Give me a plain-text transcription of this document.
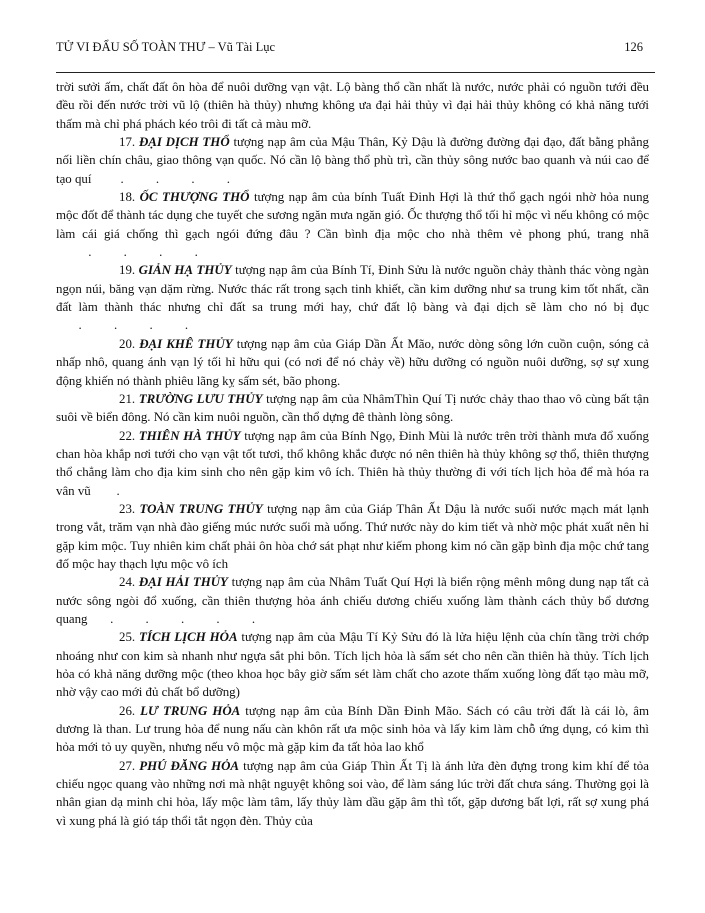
TỬ VI ĐẨU SỐ TOÀN THƯ – Vũ Tài Lục	126

trời sưởi ấm, chất đất ôn hòa để nuôi dưỡng vạn vật. Lộ bàng thổ cần nhất là nước, nước phải có nguồn tưới đều đều rồi đến nước trời vũ lộ (thiên hà thủy) nhưng không ưa đại hải thủy vì đại hải thủy không có khả năng tưới thấm mà chỉ phá phách kéo trôi đi tất cả màu mỡ.

17. ĐẠI DỊCH THỔ tượng nạp âm của Mậu Thân, Kỷ Dậu là đường đường đại đạo, đất bằng phẳng nối liền chín châu, giao thông vạn quốc. Nó cần lộ bàng thổ phù trì, cần thủy sông nước bao quanh và núi cao để tạo quí         .          .          .          .

18. ỐC THƯỢNG THỔ tượng nạp âm của bính Tuất Đinh Hợi là thứ thổ gạch ngói nhờ hỏa nung mộc đốt để thành tác dụng che tuyết che sương ngăn mưa ngăn gió. Ốc thượng thổ tối hỉ mộc vì nếu không có mộc làm cái giá chống thì gạch ngói đứng đâu ? Cần bình địa mộc cho nhà thêm vẻ phong phú, trang nhã          .          .          .          .

19. GIẢN HẠ THỦY tượng nạp âm của Bính Tí, Đinh Sửu là nước nguồn chảy thành thác vòng ngàn ngọn núi, băng vạn dặm rừng. Nước thác rất trong sạch tinh khiết, cần kim dưỡng như sa trung kim tốt nhất, cần đất làm thành thác nhưng chỉ đất sa trung mới hay, chứ đất lộ bàng và đại dịch sẽ làm cho nó bị đục       .          .          .          .

20. ĐẠI KHÊ THỦY tượng nạp âm của Giáp Dần Ất Mão, nước dòng sông lớn cuồn cuộn, sóng cả nhấp nhô, quang ánh vạn lý tối hỉ hữu qui (có nơi để nó chảy về) hữu dưỡng có nguồn nuôi dưỡng, sợ sự xung động khiến nó thành phiêu lãng kỵ sấm sét, bão phong.

21. TRƯỜNG LƯU THỦY tượng nạp âm của NhâmThìn Quí Tị nước chảy thao thao vô cùng bất tận suôi về biển đông. Nó cần kim nuôi nguồn, cần thổ dựng đê thành lòng sông.

22. THIÊN HÀ THỦY tượng nạp âm của Bính Ngọ, Đinh Mùi là nước trên trời thành mưa đổ xuống chan hòa khắp nơi tưới cho vạn vật tốt tươi, thổ không khắc được nó nên thiên hà thủy không sợ thổ, thiên thượng thổ chẳng làm cho địa kim sinh cho nên gặp kim vô ích. Thiên hà thủy thường đi với tích lịch hỏa để mà hóa ra vân vũ        .

23. TOÀN TRUNG THỦY tượng nạp âm của Giáp Thân Ất Dậu là nước suối nước mạch mát lạnh trong vắt, trăm vạn nhà đào giếng múc nước suối mà uống. Thứ nước này do kim tiết và nhờ mộc phát xuất nên hỉ gặp kim mộc. Tuy nhiên kim chất phải ôn hòa chớ sát phạt như kiếm phong kim nó cần gặp bình địa mộc chứ tang đố mộc hay thạch lựu mộc vô ích

24. ĐẠI HẢI THỦY tượng nạp âm của Nhâm Tuất Quí Hợi là biển rộng mênh mông dung nạp tất cả nước sông ngòi đổ xuống, cần thiên thượng hỏa ánh chiếu dương chiếu xuống làm thành cách thủy bổ dương quang       .          .          .          .          .

25. TÍCH LỊCH HỎA tượng nạp âm của Mậu Tí Kỷ Sửu đó là lửa hiệu lệnh của chín tầng trời chớp nhoáng như con kim sà nhanh như ngựa sắt phi bôn. Tích lịch hỏa là sấm sét cho nên cần thiên hà thủy. Tích lịch hỏa có khả năng dưỡng mộc (theo khoa học bây giờ sấm sét làm chất cho azote thấm xuống lòng đất tạo màu mỡ, nhờ vậy cao mới đủ chất bổ dưỡng)

26. LƯ TRUNG HỎA tượng nạp âm của Bính Dần Đinh Mão. Sách có câu trời đất là cái lò, âm dương là than. Lư trung hỏa để nung nấu càn khôn rất ưa mộc sinh hỏa và lấy kim làm chỗ ứng dụng, có kim thì hỏa mới tỏ uy quyền, nhưng nếu vô mộc mà gặp kim đa tất hỏa lao khổ

27. PHÚ ĐĂNG HỎA tượng nạp âm của Giáp Thìn Ất Tị là ánh lửa đèn đựng trong kim khí để tỏa chiếu ngọc quang vào những nơi mà nhật nguyệt không soi vào, để làm sáng lúc trời đất chưa sáng. Thường gọi là nhân gian dạ minh chi hỏa, lấy mộc làm tâm, lấy thủy làm dầu gặp âm thì tốt, gặp dương bất lợi, rất sợ xung phá vì xung phá là gió táp thổi tắt ngọn đèn. Thủy của
